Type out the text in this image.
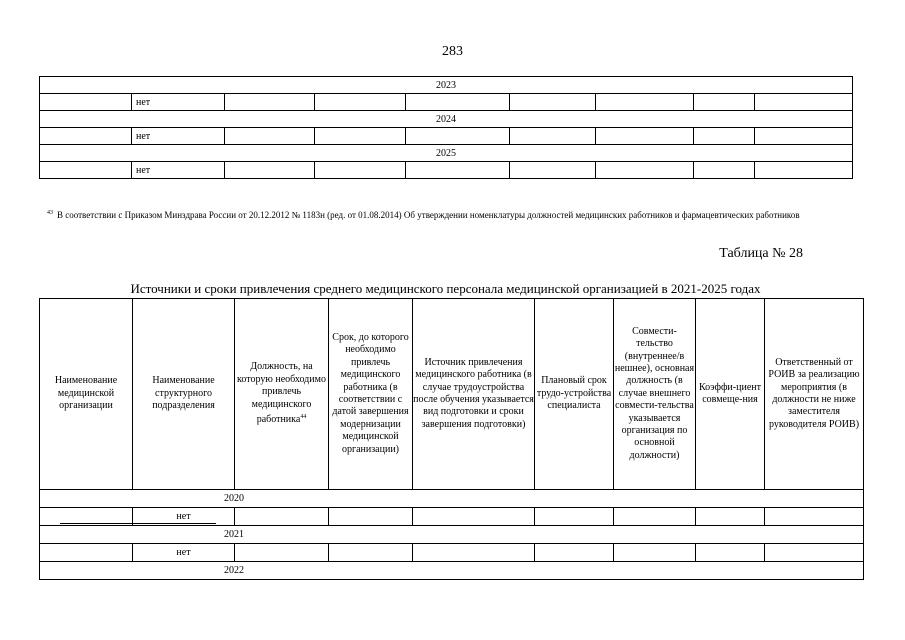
283
2023								
	нет							
2024								
	нет							
2025								
	нет							
$^{43}$ В соответствии с Приказом Минздрава России от 20.12.2012 № 1183н (ред. от 01.08.2014) Об утверждении номенклатуры должностей медицинских работников и фармацевтических работников
Таблица № 28
Источники и сроки привлечения среднего медицинского персонала медицинской организацией в 2021-2025 годах
Наименование медицинской организации	Наименование структурного подразделения	Должность, на которую необходимо привлечь медицинского работника$^{44}$	Срок, до которого необходимо привлечь медицинского работника (в соответствии с датой завершения модернизации медицинской организации)	Источник привлечения медицинского работника (в случае трудоустройства после обучения указывается вид подготовки и сроки завершения подготовки)	Плановый срок трудо-устройства специалиста	Совмести-тельство (внутреннее/в нешнее), основная должность (в случае внешнего совмести-тельства указывается организация по основной должности)	Коэффи-циент совмеще-ния	Ответственный от РОИВ за реализацию мероприятия (в должности не ниже заместителя руководителя РОИВ)
2020								
	нет							
2021								
	нет							
2022								
